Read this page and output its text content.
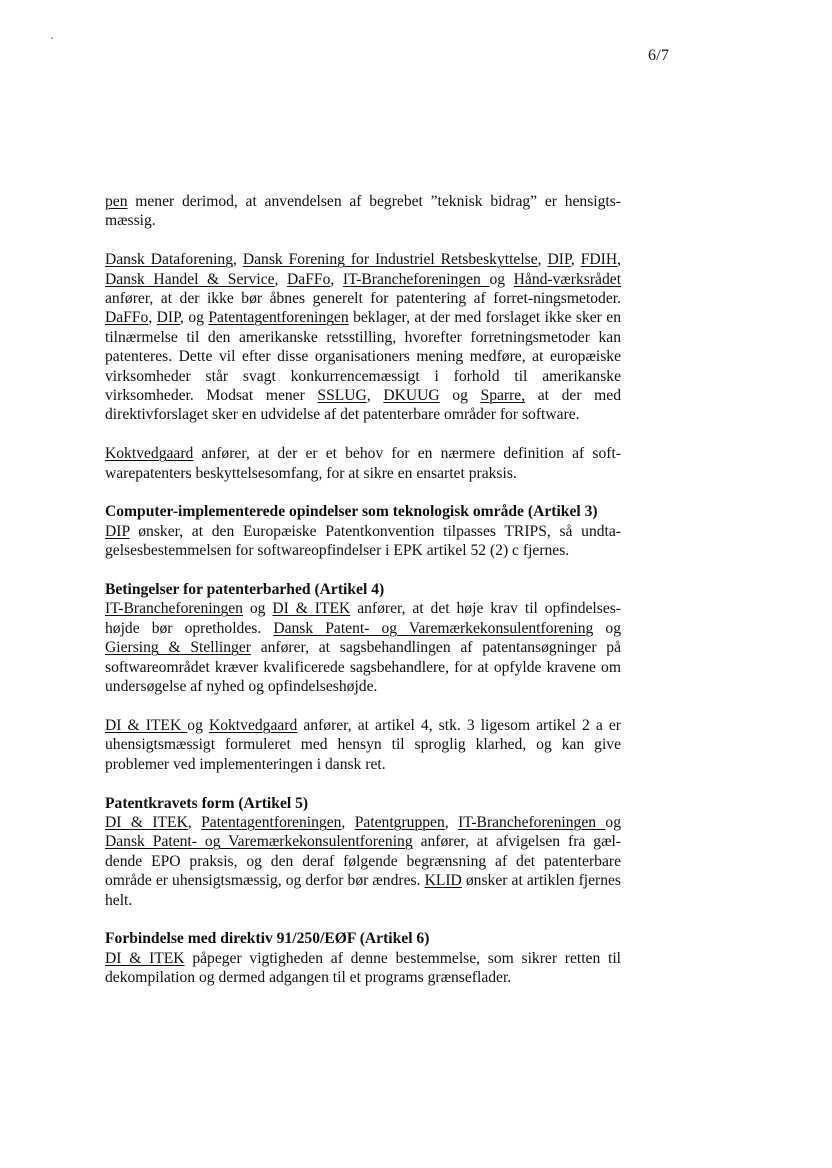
6/7

pen mener derimod, at anvendelsen af begrebet ”teknisk bidrag” er hensigts-mæssig.

Dansk Dataforening, Dansk Forening for Industriel Retsbeskyttelse, DIP, FDIH, Dansk Handel & Service, DaFFo, IT-Brancheforeningen og Hånd-værksrådet anfører, at der ikke bør åbnes generelt for patentering af forret-ningsmetoder. DaFFo, DIP, og Patentagentforeningen beklager, at der med forslaget ikke sker en tilnærmelse til den amerikanske retsstilling, hvorefter forretningsmetoder kan patenteres. Dette vil efter disse organisationers mening medføre, at europæiske virksomheder står svagt konkurrencemæssigt i forhold til amerikanske virksomheder. Modsat mener SSLUG, DKUUG og Sparre, at der med direktivforslaget sker en udvidelse af det patenterbare områder for software.

Koktvedgaard anfører, at der er et behov for en nærmere definition af soft-warepatenters beskyttelsesomfang, for at sikre en ensartet praksis.

Computer-implementerede opindelser som teknologisk område (Artikel 3)

DIP ønsker, at den Europæiske Patentkonvention tilpasses TRIPS, så undta-gelsesbestemmelsen for softwareopfindelser i EPK artikel 52 (2) c fjernes.

Betingelser for patenterbarhed (Artikel 4)

IT-Brancheforeningen og DI & ITEK anfører, at det høje krav til opfindelses-højde bør opretholdes. Dansk Patent- og Varemærkekonsulentforening og Giersing & Stellinger anfører, at sagsbehandlingen af patentansøgninger på softwareområdet kræver kvalificerede sagsbehandlere, for at opfylde kravene om undersøgelse af nyhed og opfindelseshøjde.

DI & ITEK og Koktvedgaard anfører, at artikel 4, stk. 3 ligesom artikel 2 a er uhensigtsmæssigt formuleret med hensyn til sproglig klarhed, og kan give problemer ved implementeringen i dansk ret.

Patentkravets form (Artikel 5)

DI & ITEK, Patentagentforeningen, Patentgruppen, IT-Brancheforeningen og Dansk Patent- og Varemærkekonsulentforening anfører, at afvigelsen fra gæl-dende EPO praksis, og den deraf følgende begrænsning af det patenterbare område er uhensigtsmæssig, og derfor bør ændres. KLID ønsker at artiklen fjernes helt.

Forbindelse med direktiv 91/250/EØF (Artikel 6)

DI & ITEK påpeger vigtigheden af denne bestemmelse, som sikrer retten til dekompilation og dermed adgangen til et programs grænseflader.
